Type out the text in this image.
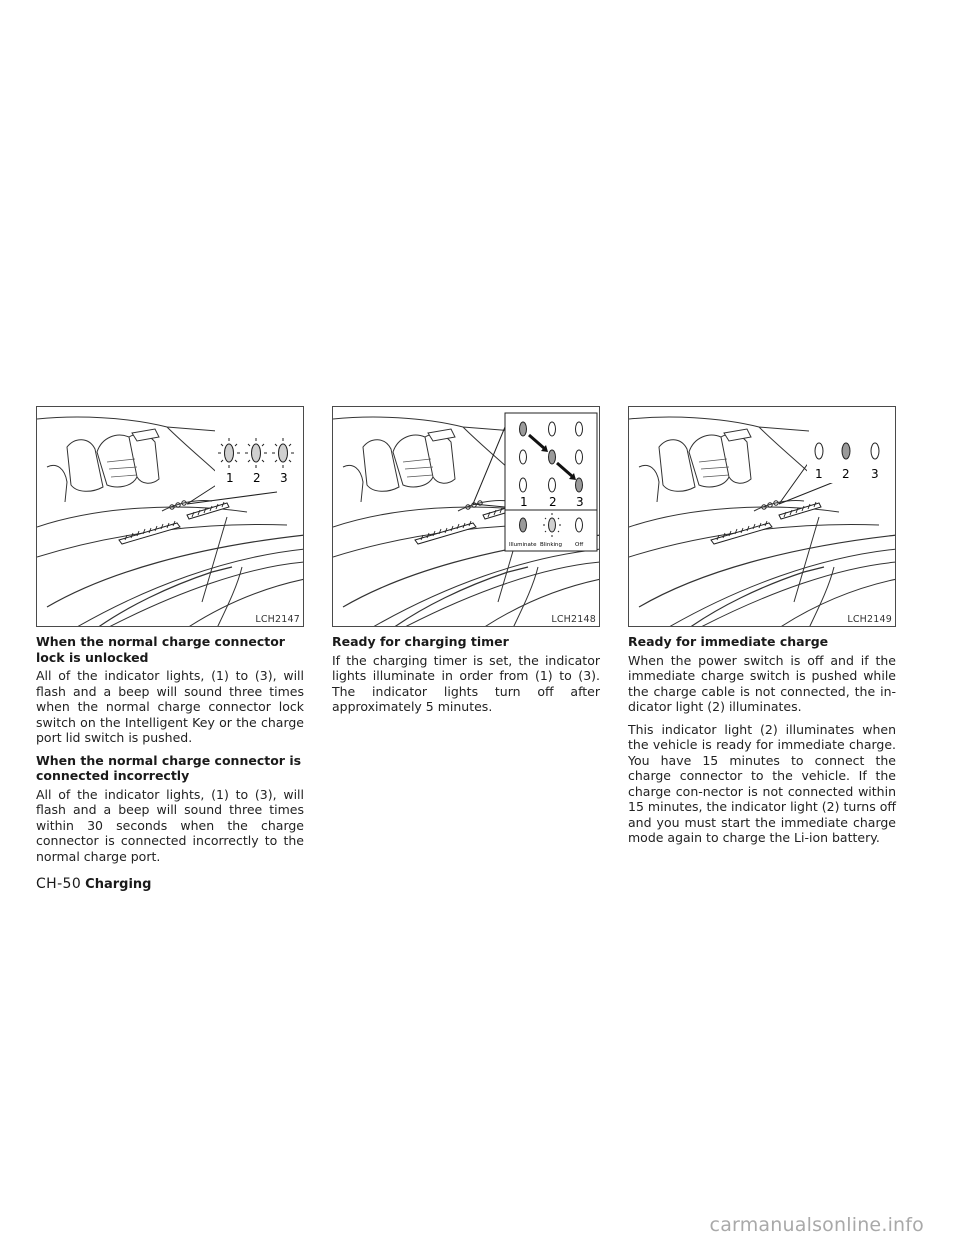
1 2 3
LCH2147
1 2 3
Illuminate Blinking Off
LCH2148
1 2 3
LCH2149
When the normal charge connector lock is unlocked

All of the indicator lights, (1) to (3), will flash and a beep will sound three times when the normal charge connector lock switch on the Intelligent Key or the charge port lid switch is pushed.

When the normal charge connector is connected incorrectly

All of the indicator lights, (1) to (3), will flash and a beep will sound three times within 30 seconds when the charge connector is connected incorrectly to the normal charge port.

Ready for charging timer

If the charging timer is set, the indicator lights illuminate in order from (1) to (3). The indicator lights turn off after approximately 5 minutes.

Ready for immediate charge

When the power switch is off and if the immediate charge switch is pushed while the charge cable is not connected, the in-dicator light (2) illuminates.

This indicator light (2) illuminates when the vehicle is ready for immediate charge. You have 15 minutes to connect the charge connector to the vehicle. If the charge con-nector is not connected within 15 minutes, the indicator light (2) turns off and you must start the immediate charge mode again to charge the Li-ion battery.

CH-50 Charging
carmanualsonline.info
